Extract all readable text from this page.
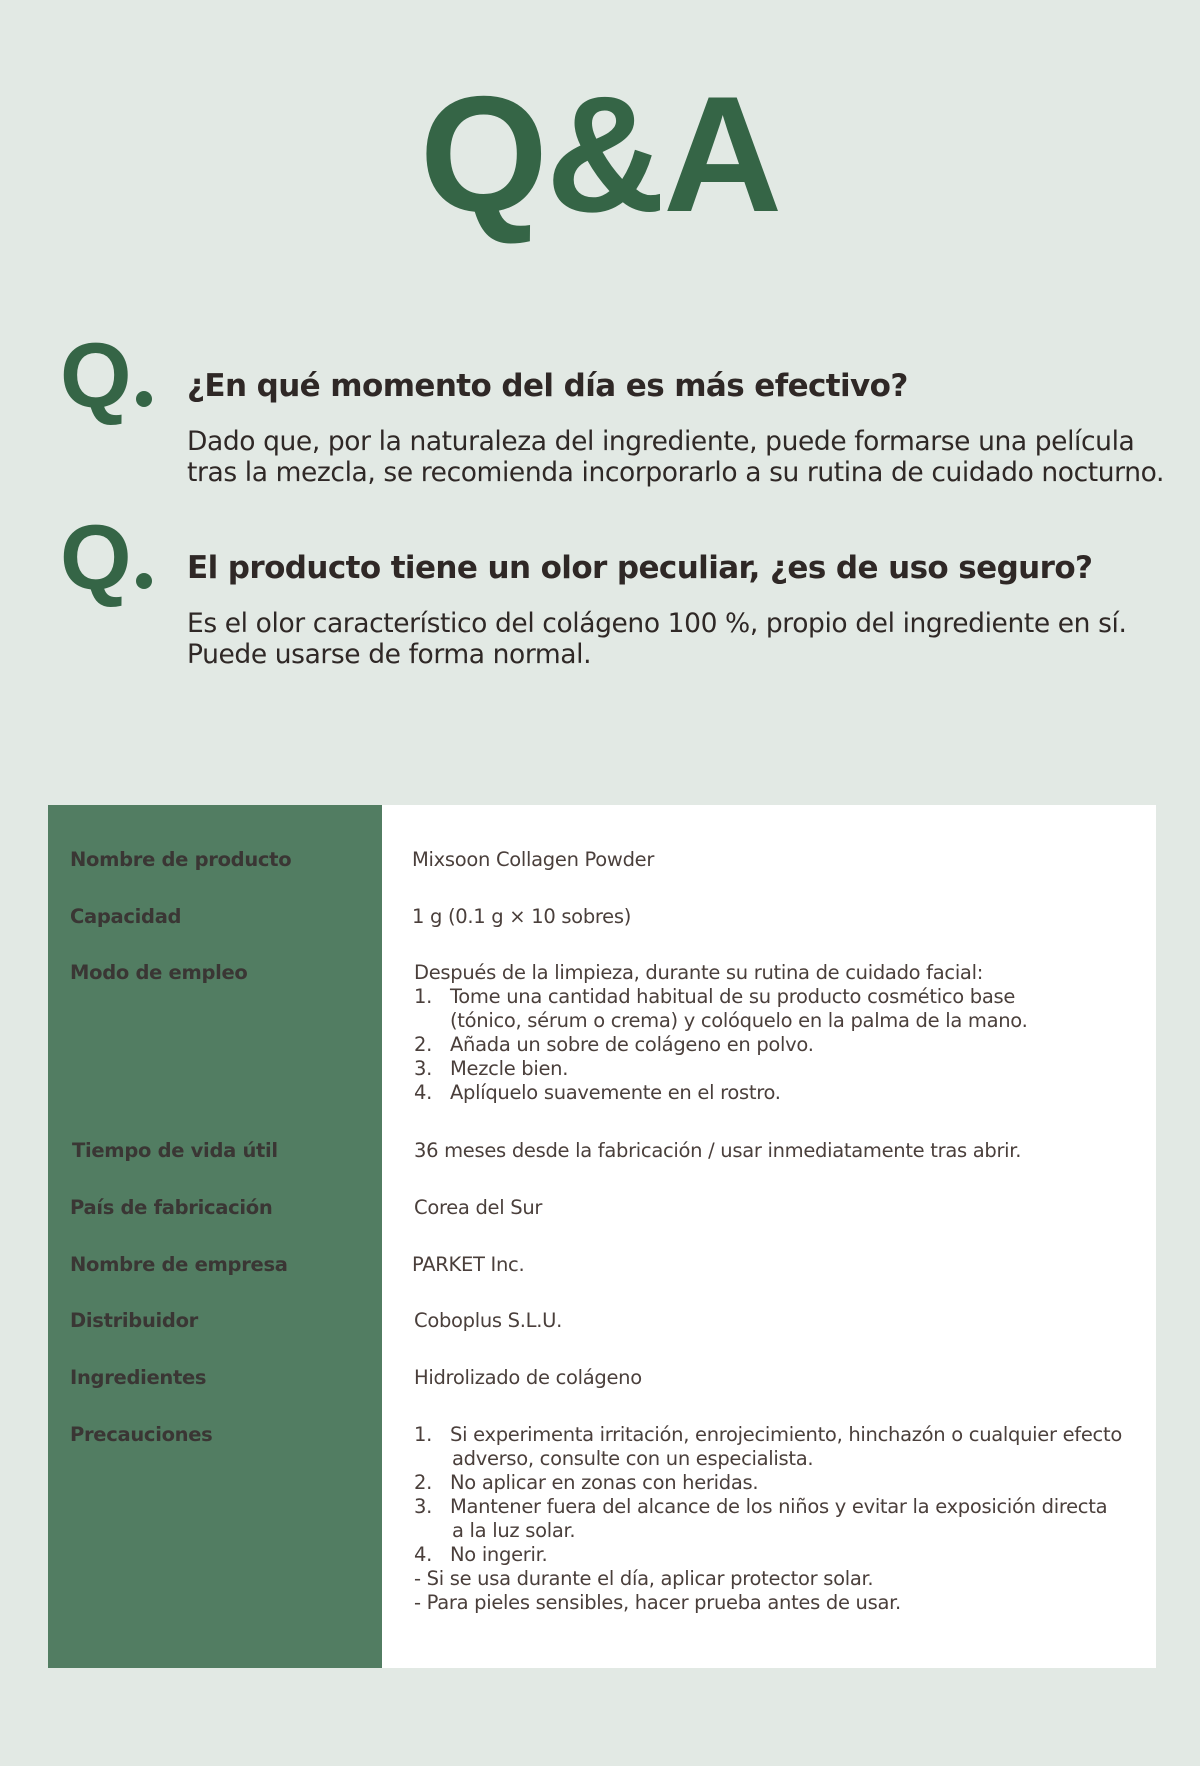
Q&A
Q	¿En qué momento del día es más efectivo?
Dado que, por la naturaleza del ingrediente, puede formarse una película
tras la mezcla, se recomienda incorporarlo a su rutina de cuidado nocturno.
Q	El producto tiene un olor peculiar, ¿es de uso seguro?
Es el olor característico del colágeno 100 %, propio del ingrediente en sí.
Puede usarse de forma normal.
Nombre de producto	Mixsoon Collagen Powder
Capacidad	1 g (0.1 g × 10 sobres)
Modo de empleo	Después de la limpieza, durante su rutina de cuidado facial:
1. Tome una cantidad habitual de su producto cosmético base
(tónico, sérum o crema) y colóquelo en la palma de la mano.
2. Añada un sobre de colágeno en polvo.
3. Mezcle bien.
4. Aplíquelo suavemente en el rostro.
Tiempo de vida útil	36 meses desde la fabricación / usar inmediatamente tras abrir.
País de fabricación	Corea del Sur
Nombre de empresa	PARKET Inc.
Distribuidor	Coboplus S.L.U.
Ingredientes	Hidrolizado de colágeno
Precauciones	1. Si experimenta irritación, enrojecimiento, hinchazón o cualquier efecto
adverso, consulte con un especialista.
2. No aplicar en zonas con heridas.
3. Mantener fuera del alcance de los niños y evitar la exposición directa
a la luz solar.
4. No ingerir.
- Si se usa durante el día, aplicar protector solar.
- Para pieles sensibles, hacer prueba antes de usar.
